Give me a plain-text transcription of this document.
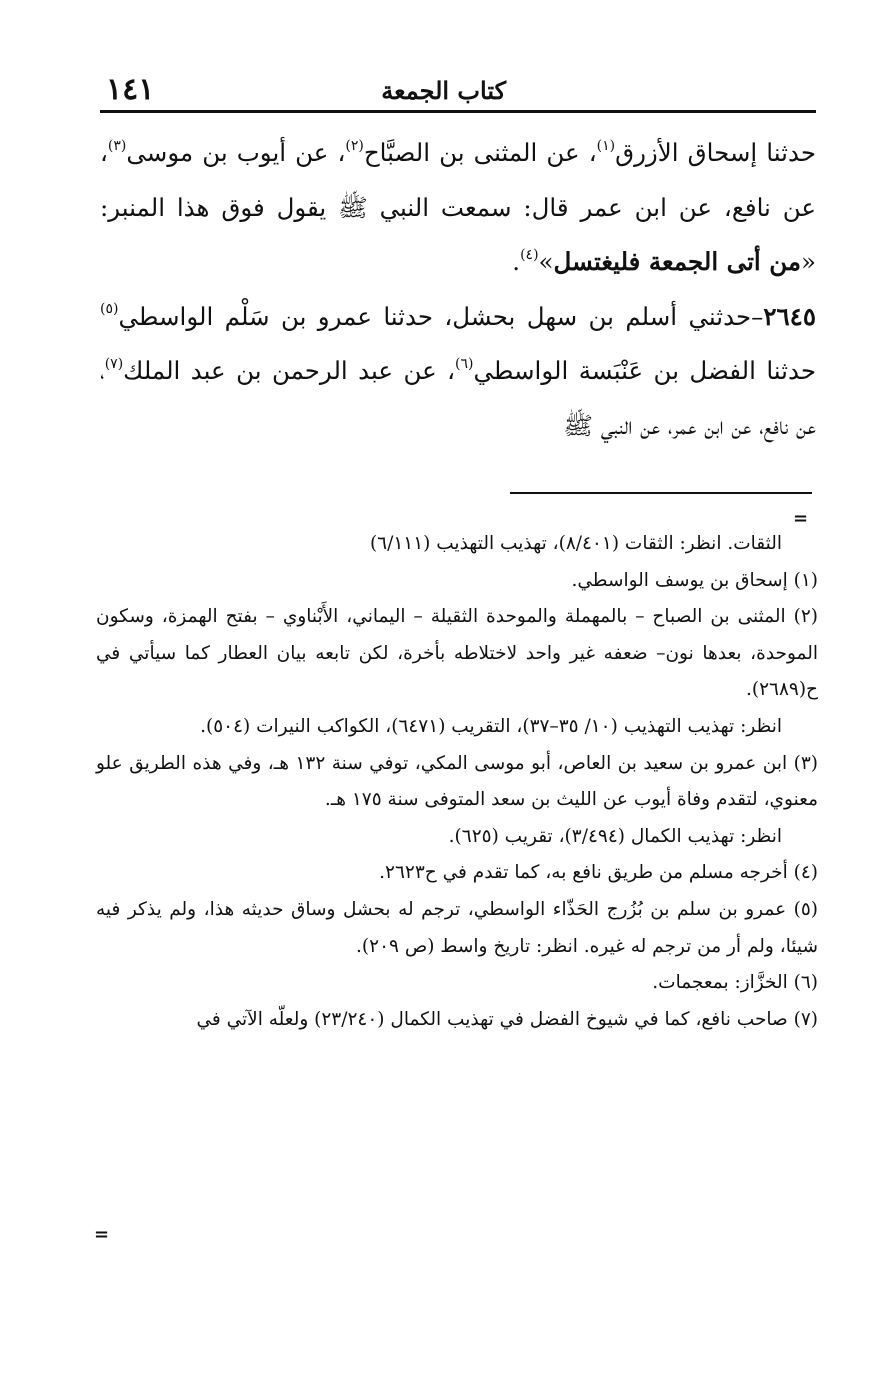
كتاب الجمعة
١٤١

حدثنا إسحاق الأزرق$^{(١)}$، عن المثنى بن الصبَّاح$^{(٢)}$، عن أيوب بن موسى$^{(٣)}$، عن نافع، عن ابن عمر قال: سمعت النبي ﷺ يقول فوق هذا المنبر: «من أتى الجمعة فليغتسل»$^{(٤)}$.

٢٦٤٥–حدثني أسلم بن سهل بحشل، حدثنا عمرو بن سَلْم الواسطي$^{(٥)}$ حدثنا الفضل بن عَنْبَسة الواسطي$^{(٦)}$، عن عبد الرحمن بن عبد الملك$^{(٧)}$، عن نافع، عن ابن عمر، عن النبي ﷺ

=

الثقات. انظر: الثقات (٨/٤٠١)، تهذيب التهذيب (٦/١١١)

(١) إسحاق بن يوسف الواسطي.

(٢) المثنى بن الصباح – بالمهملة والموحدة الثقيلة – اليماني، الأَبْناوي – بفتح الهمزة، وسكون الموحدة، بعدها نون– ضعفه غير واحد لاختلاطه بأخرة، لكن تابعه بيان العطار كما سيأتي في ح(٢٦٨٩).

انظر: تهذيب التهذيب (١٠/ ٣٥–٣٧)، التقريب (٦٤٧١)، الكواكب النيرات (٥٠٤).

(٣) ابن عمرو بن سعيد بن العاص، أبو موسى المكي، توفي سنة ١٣٢ هـ، وفي هذه الطريق علو معنوي، لتقدم وفاة أيوب عن الليث بن سعد المتوفى سنة ١٧٥ هـ.

انظر: تهذيب الكمال (٣/٤٩٤)، تقريب (٦٢٥).

(٤) أخرجه مسلم من طريق نافع به، كما تقدم في ح٢٦٢٣.

(٥) عمرو بن سلم بن بُزُرج الحَذّاء الواسطي، ترجم له بحشل وساق حديثه هذا، ولم يذكر فيه شيئا، ولم أر من ترجم له غيره. انظر: تاريخ واسط (ص ٢٠٩).

(٦) الخزَّاز: بمعجمات.

(٧) صاحب نافع، كما في شيوخ الفضل في تهذيب الكمال (٢٣/٢٤٠) ولعلّه الآتي في

=
